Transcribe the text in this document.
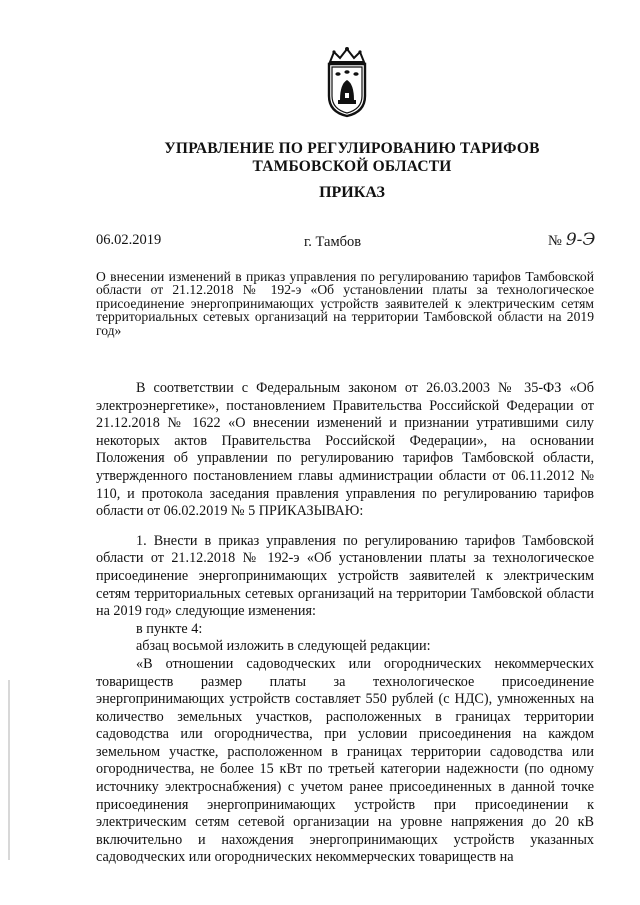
УПРАВЛЕНИЕ ПО РЕГУЛИРОВАНИЮ ТАРИФОВ
ТАМБОВСКОЙ ОБЛАСТИ
ПРИКАЗ
06.02.2019	г. Тамбов	№ 9-Э
О внесении изменений в приказ управления по регулированию тарифов Тамбовской области от 21.12.2018 № 192-э «Об установлении платы за технологическое присоединение энергопринимающих устройств заявителей к электрическим сетям территориальных сетевых организаций на территории Тамбовской области на 2019 год»

В соответствии с Федеральным законом от 26.03.2003 № 35-ФЗ «Об электроэнергетике», постановлением Правительства Российской Федерации от 21.12.2018 № 1622 «О внесении изменений и признании утратившими силу некоторых актов Правительства Российской Федерации», на основании Положения об управлении по регулированию тарифов Тамбовской области, утвержденного постановлением главы администрации области от 06.11.2012 № 110, и протокола заседания правления управления по регулированию тарифов области от 06.02.2019 № 5 ПРИКАЗЫВАЮ:

1. Внести в приказ управления по регулированию тарифов Тамбовской области от 21.12.2018 № 192-э «Об установлении платы за технологическое присоединение энергопринимающих устройств заявителей к электрическим сетям территориальных сетевых организаций на территории Тамбовской области на 2019 год» следующие изменения:

в пункте 4:

абзац восьмой изложить в следующей редакции:

«В отношении садоводческих или огороднических некоммерческих товариществ размер платы за технологическое присоединение энергопринимающих устройств составляет 550 рублей (с НДС), умноженных на количество земельных участков, расположенных в границах территории садоводства или огородничества, при условии присоединения на каждом земельном участке, расположенном в границах территории садоводства или огородничества, не более 15 кВт по третьей категории надежности (по одному источнику электроснабжения) с учетом ранее присоединенных в данной точке присоединения энергопринимающих устройств при присоединении к электрическим сетям сетевой организации на уровне напряжения до 20 кВ включительно и нахождения энергопринимающих устройств указанных садоводческих или огороднических некоммерческих товариществ на
